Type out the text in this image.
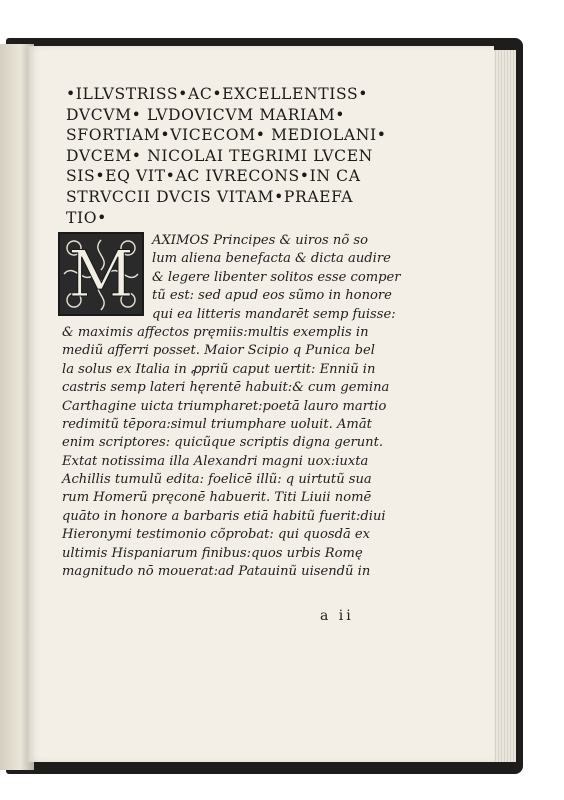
•ILLVSTRISS•AC•EXCELLENTISS•
DVCVM• LVDOVICVM MARIAM•
SFORTIAM•VICECOM• MEDIOLANI•
DVCEM• NICOLAI TEGRIMI LVCEN
SIS•EQ VIT•AC IVRECONS•IN CA
STRVCCII DVCIS VITAM•PRAEFA
TIO•
M	AXIMOS Principes & uiros nõ so
lum aliena benefacta & dicta audire
& legere libenter solitos esse comper
tũ est: sed apud eos sũmo in honore
qui ea litteris mandarēt semp fuisse:
& maximis affectos pręmiis:multis exemplis in
mediũ afferri posset. Maior Scipio q Punica bel
la solus ex Italia in ꝓpriũ caput uertit: Enniũ in
castris semp lateri hęrentē habuit:& cum gemina
Carthagine uicta triumpharet:poetā lauro martio
redimitũ tēpora:simul triumphare uoluit. Amāt
enim scriptores: quicũque scriptis digna gerunt.
Extat notissima illa Alexandri magni uox:iuxta
Achillis tumulũ edita: foelicē illũ: q uirtutũ sua
rum Homerũ pręconē habuerit. Titi Liuii nomē
quāto in honore a barbaris etiā habitũ fuerit:diui
Hieronymi testimonio cõprobat: qui quosdā ex
ultimis Hispaniarum finibus:quos urbis Romę
magnitudo nō mouerat:ad Patauinũ uisendũ in
a ii
